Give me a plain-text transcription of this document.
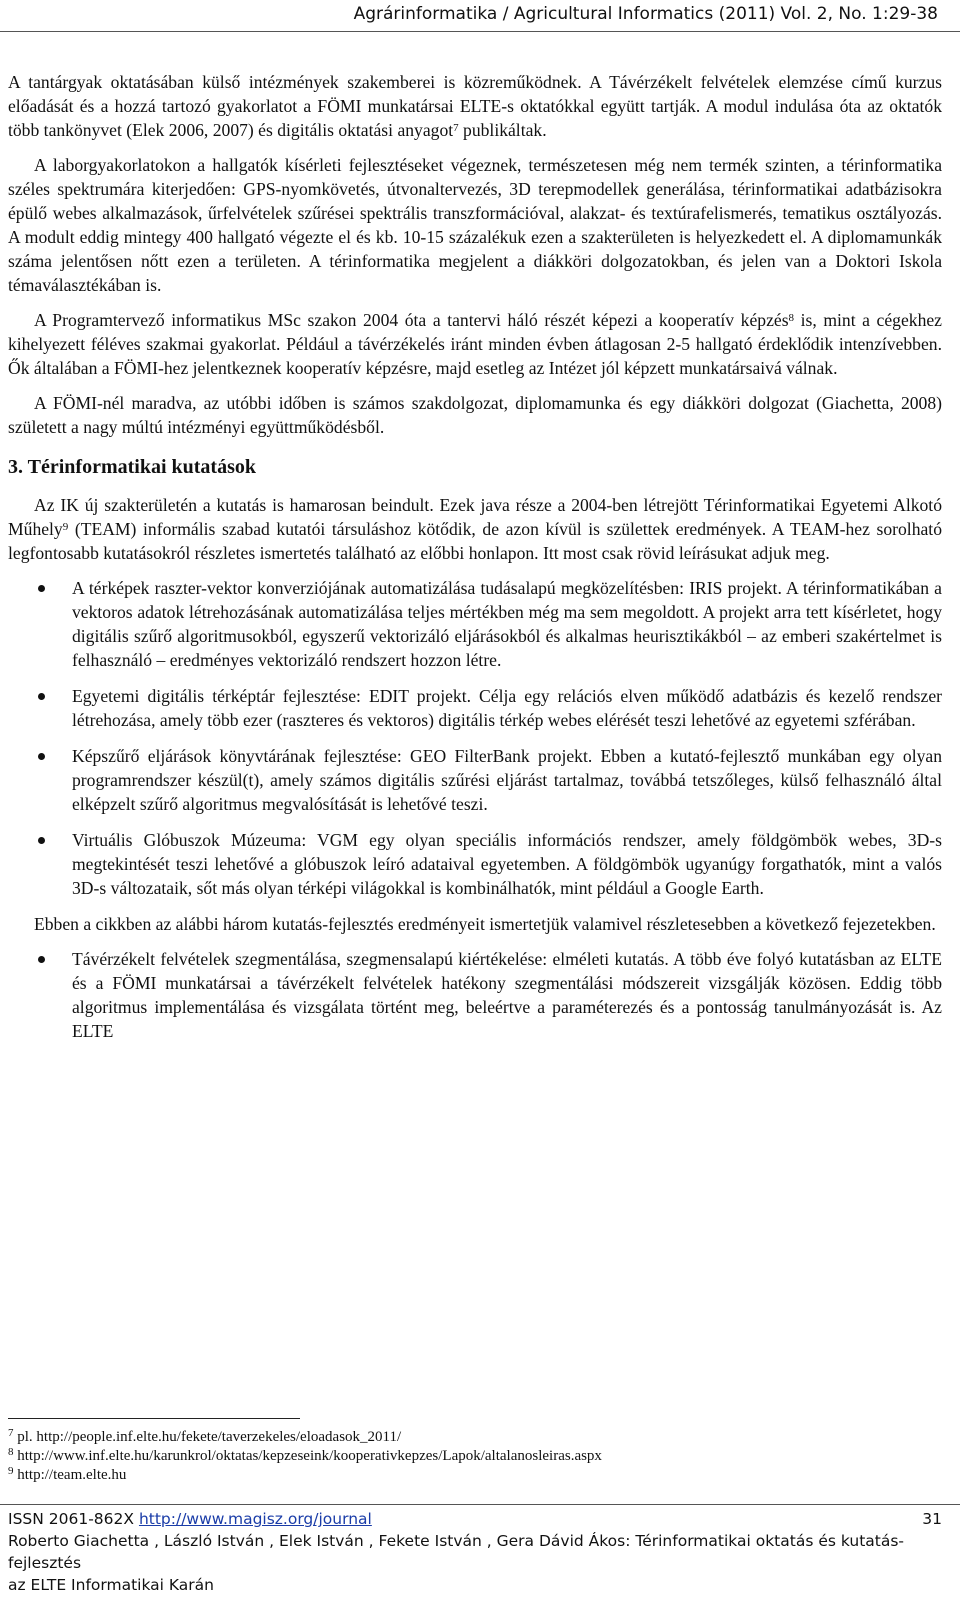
Agrárinformatika / Agricultural Informatics (2011) Vol. 2, No. 1:29-38

A tantárgyak oktatásában külső intézmények szakemberei is közreműködnek. A Távérzékelt felvételek elemzése című kurzus előadását és a hozzá tartozó gyakorlatot a FÖMI munkatársai ELTE-s oktatókkal együtt tartják. A modul indulása óta az oktatók több tankönyvet (Elek 2006, 2007) és digitális oktatási anyagot$^7$ publikáltak.

A laborgyakorlatokon a hallgatók kísérleti fejlesztéseket végeznek, természetesen még nem termék szinten, a térinformatika széles spektrumára kiterjedően: GPS-nyomkövetés, útvonaltervezés, 3D terepmodellek generálása, térinformatikai adatbázisokra épülő webes alkalmazások, űrfelvételek szűrései spektrális transzformációval, alakzat- és textúrafelismerés, tematikus osztályozás. A modult eddig mintegy 400 hallgató végezte el és kb. 10-15 százalékuk ezen a szakterületen is helyezkedett el. A diplomamunkák száma jelentősen nőtt ezen a területen. A térinformatika megjelent a diákköri dolgozatokban, és jelen van a Doktori Iskola témaválasztékában is.

A Programtervező informatikus MSc szakon 2004 óta a tantervi háló részét képezi a kooperatív képzés$^8$ is, mint a cégekhez kihelyezett féléves szakmai gyakorlat. Például a távérzékelés iránt minden évben átlagosan 2-5 hallgató érdeklődik intenzívebben. Ők általában a FÖMI-hez jelentkeznek kooperatív képzésre, majd esetleg az Intézet jól képzett munkatársaivá válnak.

A FÖMI-nél maradva, az utóbbi időben is számos szakdolgozat, diplomamunka és egy diákköri dolgozat (Giachetta, 2008) született a nagy múltú intézményi együttműködésből.

3. Térinformatikai kutatások

Az IK új szakterületén a kutatás is hamarosan beindult. Ezek java része a 2004-ben létrejött Térinformatikai Egyetemi Alkotó Műhely$^9$ (TEAM) informális szabad kutatói társuláshoz kötődik, de azon kívül is születtek eredmények. A TEAM-hez sorolható legfontosabb kutatásokról részletes ismertetés található az előbbi honlapon. Itt most csak rövid leírásukat adjuk meg.

A térképek raszter-vektor konverziójának automatizálása tudásalapú megközelítésben: IRIS projekt. A térinformatikában a vektoros adatok létrehozásának automatizálása teljes mértékben még ma sem megoldott. A projekt arra tett kísérletet, hogy digitális szűrő algoritmusokból, egyszerű vektorizáló eljárásokból és alkalmas heurisztikákból – az emberi szakértelmet is felhasználó – eredményes vektorizáló rendszert hozzon létre.
Egyetemi digitális térképtár fejlesztése: EDIT projekt. Célja egy relációs elven működő adatbázis és kezelő rendszer létrehozása, amely több ezer (raszteres és vektoros) digitális térkép webes elérését teszi lehetővé az egyetemi szférában.
Képszűrő eljárások könyvtárának fejlesztése: GEO FilterBank projekt. Ebben a kutató-fejlesztő munkában egy olyan programrendszer készül(t), amely számos digitális szűrési eljárást tartalmaz, továbbá tetszőleges, külső felhasználó által elképzelt szűrő algoritmus megvalósítását is lehetővé teszi.
Virtuális Glóbuszok Múzeuma: VGM egy olyan speciális információs rendszer, amely földgömbök webes, 3D-s megtekintését teszi lehetővé a glóbuszok leíró adataival egyetemben. A földgömbök ugyanúgy forgathatók, mint a valós 3D-s változataik, sőt más olyan térképi világokkal is kombinálhatók, mint például a Google Earth.

Ebben a cikkben az alábbi három kutatás-fejlesztés eredményeit ismertetjük valamivel részletesebben a következő fejezetekben.

Távérzékelt felvételek szegmentálása, szegmensalapú kiértékelése: elméleti kutatás. A több éve folyó kutatásban az ELTE és a FÖMI munkatársai a távérzékelt felvételek hatékony szegmentálási módszereit vizsgálják közösen. Eddig több algoritmus implementálása és vizsgálata történt meg, beleértve a paraméterezés és a pontosság tanulmányozását is. Az ELTE
$^7$ pl. http://people.inf.elte.hu/fekete/taverzekeles/eloadasok_2011/
$^8$ http://www.inf.elte.hu/karunkrol/oktatas/kepzeseink/kooperativkepzes/Lapok/altalanosleiras.aspx
$^9$ http://team.elte.hu
ISSN 2061-862X http://www.magisz.org/journal	31
Roberto Giachetta , László István , Elek István , Fekete István , Gera Dávid Ákos: Térinformatikai oktatás és kutatás-fejlesztés
az ELTE Informatikai Karán
